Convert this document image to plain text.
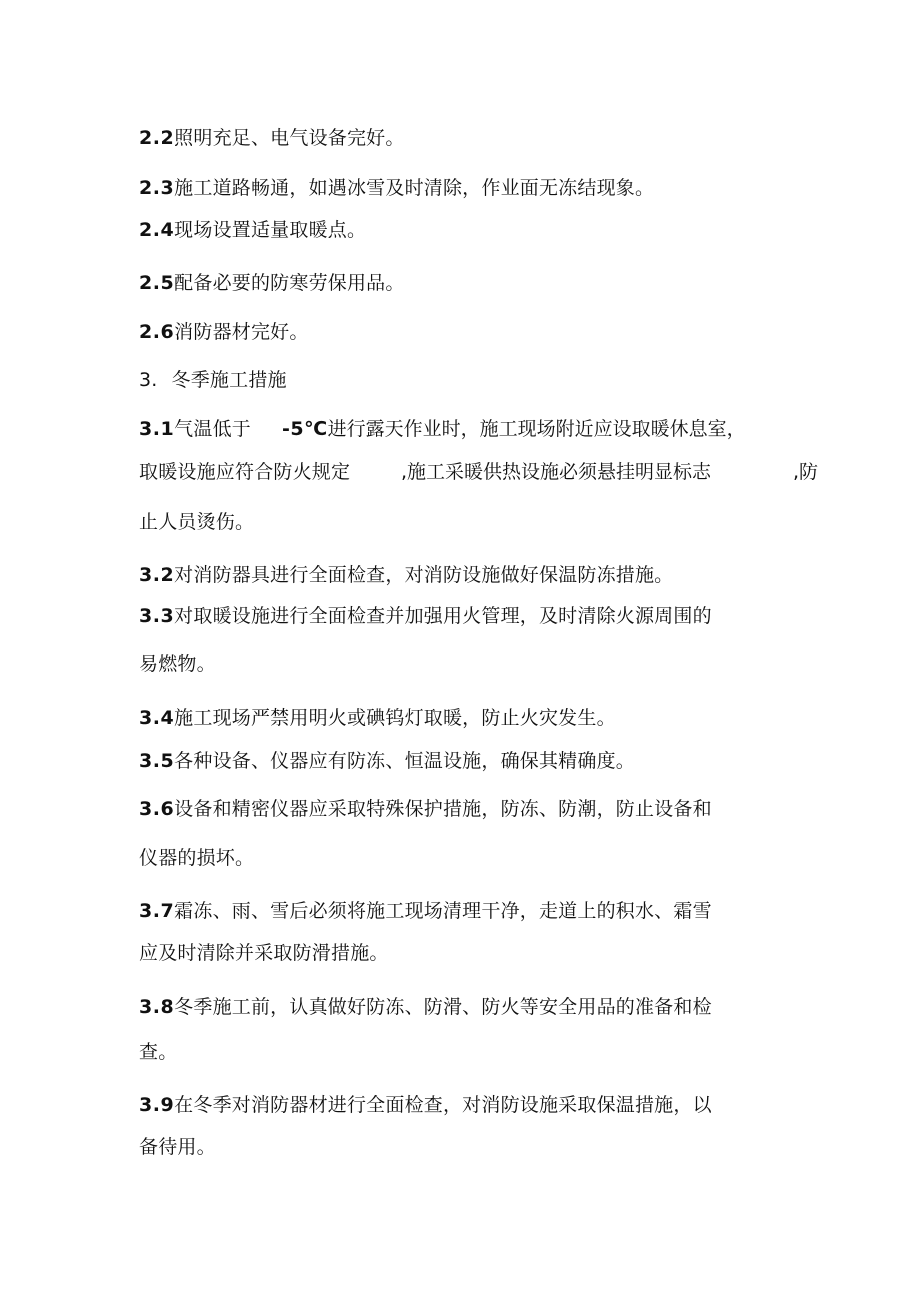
2.2照明充足、电气设备完好。
2.3施工道路畅通，如遇冰雪及时清除，作业面无冻结现象。
2.4现场设置适量取暖点。
2.5配备必要的防寒劳保用品。
2.6消防器材完好。
3. 冬季施工措施
3.1气温低于 -5℃进行露天作业时，施工现场附近应设取暖休息室，
取暖设施应符合防火规定	,施工采暖供热设施必须悬挂明显标志	,防
止人员烫伤。
3.2对消防器具进行全面检查，对消防设施做好保温防冻措施。
3.3对取暖设施进行全面检查并加强用火管理，及时清除火源周围的
易燃物。
3.4施工现场严禁用明火或碘钨灯取暖，防止火灾发生。
3.5各种设备、仪器应有防冻、恒温设施，确保其精确度。
3.6设备和精密仪器应采取特殊保护措施，防冻、防潮，防止设备和
仪器的损坏。
3.7霜冻、雨、雪后必须将施工现场清理干净，走道上的积水、霜雪
应及时清除并采取防滑措施。
3.8冬季施工前，认真做好防冻、防滑、防火等安全用品的准备和检
查。
3.9在冬季对消防器材进行全面检查，对消防设施采取保温措施，以
备待用。
